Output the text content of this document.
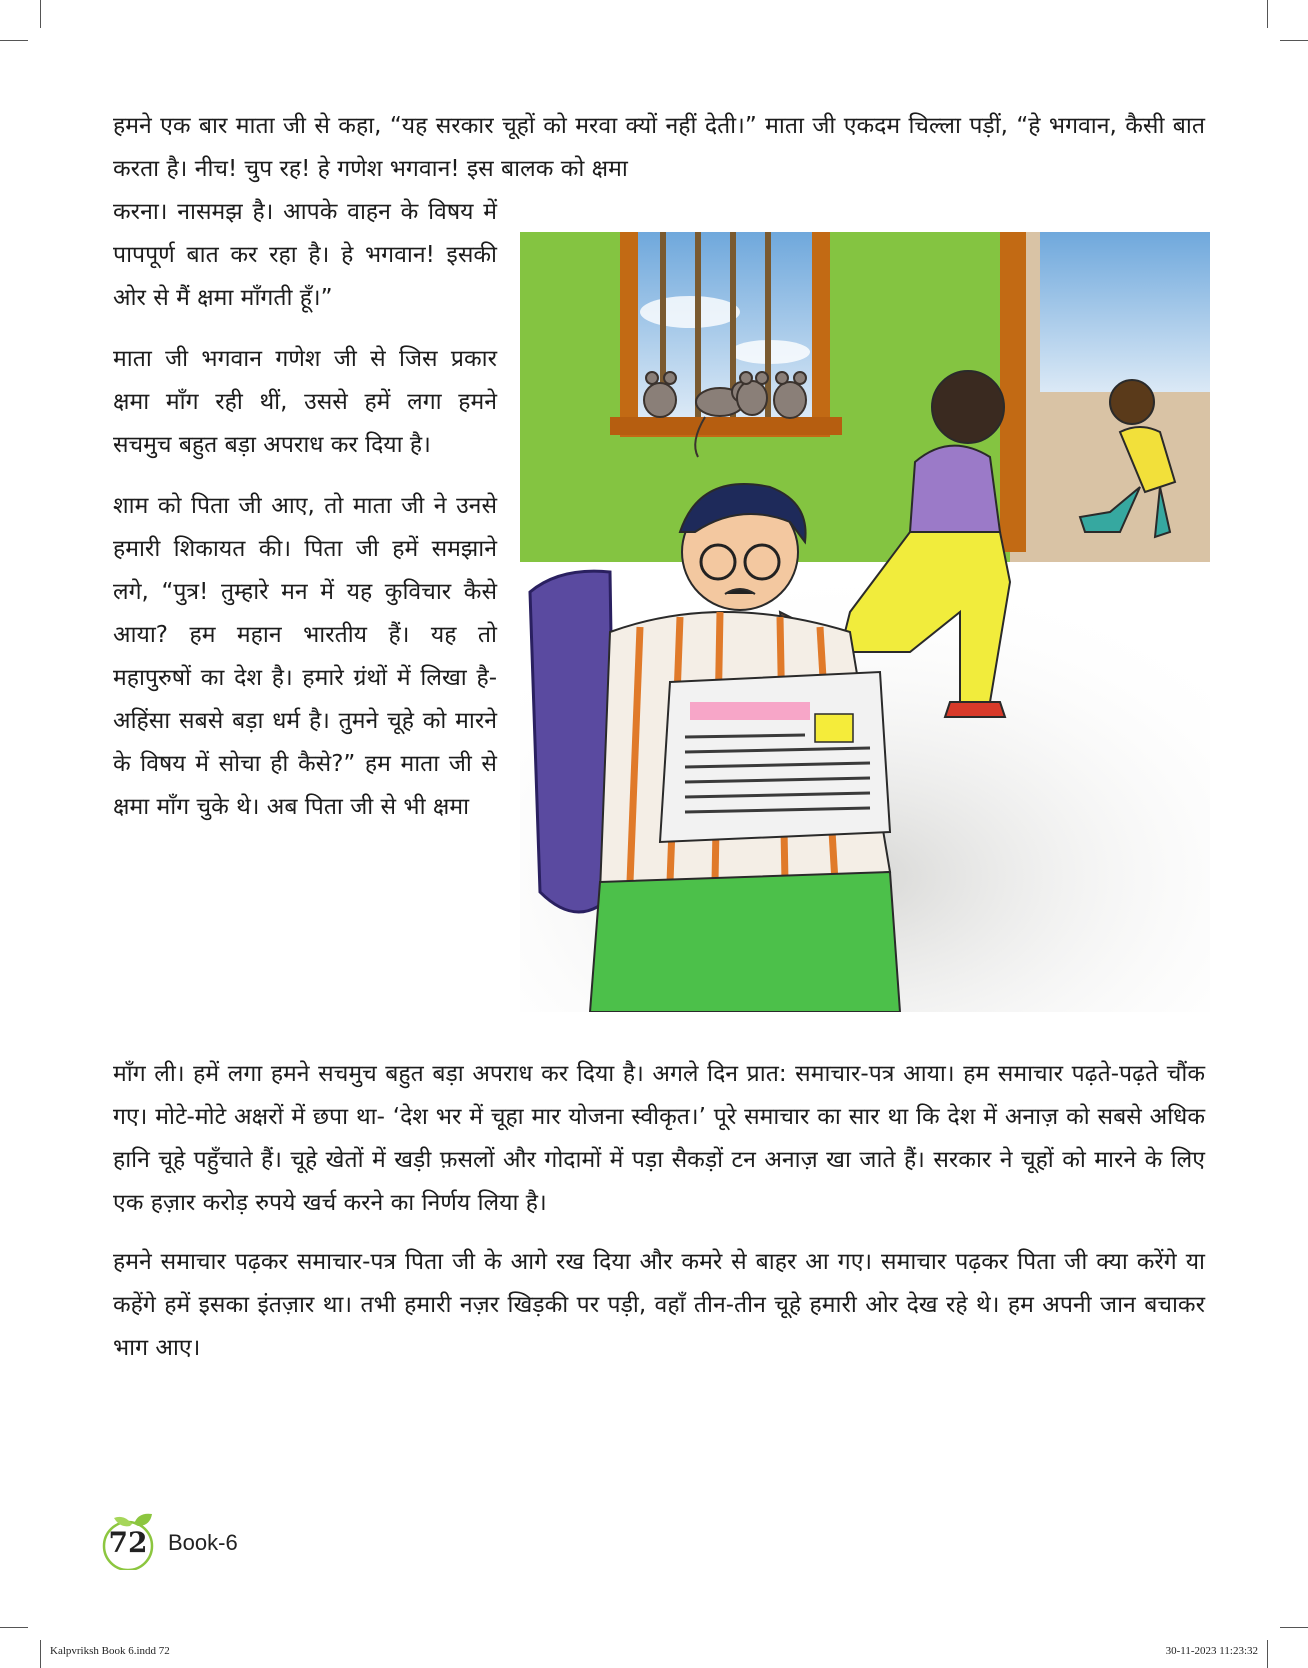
हमने एक बार माता जी से कहा, “यह सरकार चूहों को मरवा क्यों नहीं देती।” माता जी एकदम चिल्ला पड़ीं, “हे भगवान, कैसी बात करता है। नीच! चुप रह! हे गणेश भगवान! इस बालक को क्षमा

करना। नासमझ है। आपके वाहन के विषय में पापपूर्ण बात कर रहा है। हे भगवान! इसकी ओर से मैं क्षमा माँगती हूँ।”

माता जी भगवान गणेश जी से जिस प्रकार क्षमा माँग रही थीं, उससे हमें लगा हमने सचमुच बहुत बड़ा अपराध कर दिया है।

शाम को पिता जी आए, तो माता जी ने उनसे हमारी शिकायत की। पिता जी हमें समझाने लगे, “पुत्र! तुम्हारे मन में यह कुविचार कैसे आया? हम महान भारतीय हैं। यह तो महापुरुषों का देश है। हमारे ग्रंथों में लिखा है-अहिंसा सबसे बड़ा धर्म है। तुमने चूहे को मारने के विषय में सोचा ही कैसे?” हम माता जी से क्षमा माँग चुके थे। अब पिता जी से भी क्षमा

माँग ली। हमें लगा हमने सचमुच बहुत बड़ा अपराध कर दिया है। अगले दिन प्रात: समाचार-पत्र आया। हम समाचार पढ़ते-पढ़ते चौंक गए। मोटे-मोटे अक्षरों में छपा था- ‘देश भर में चूहा मार योजना स्वीकृत।’ पूरे समाचार का सार था कि देश में अनाज़ को सबसे अधिक हानि चूहे पहुँचाते हैं। चूहे खेतों में खड़ी फ़सलों और गोदामों में पड़ा सैकड़ों टन अनाज़ खा जाते हैं। सरकार ने चूहों को मारने के लिए एक हज़ार करोड़ रुपये खर्च करने का निर्णय लिया है।

हमने समाचार पढ़कर समाचार-पत्र पिता जी के आगे रख दिया और कमरे से बाहर आ गए। समाचार पढ़कर पिता जी क्या करेंगे या कहेंगे हमें इसका इंतज़ार था। तभी हमारी नज़र खिड़की पर पड़ी, वहाँ तीन-तीन चूहे हमारी ओर देख रहे थे। हम अपनी जान बचाकर भाग आए।

72 Book-6
Kalpvriksh Book 6.indd 72	30-11-2023 11:23:32
